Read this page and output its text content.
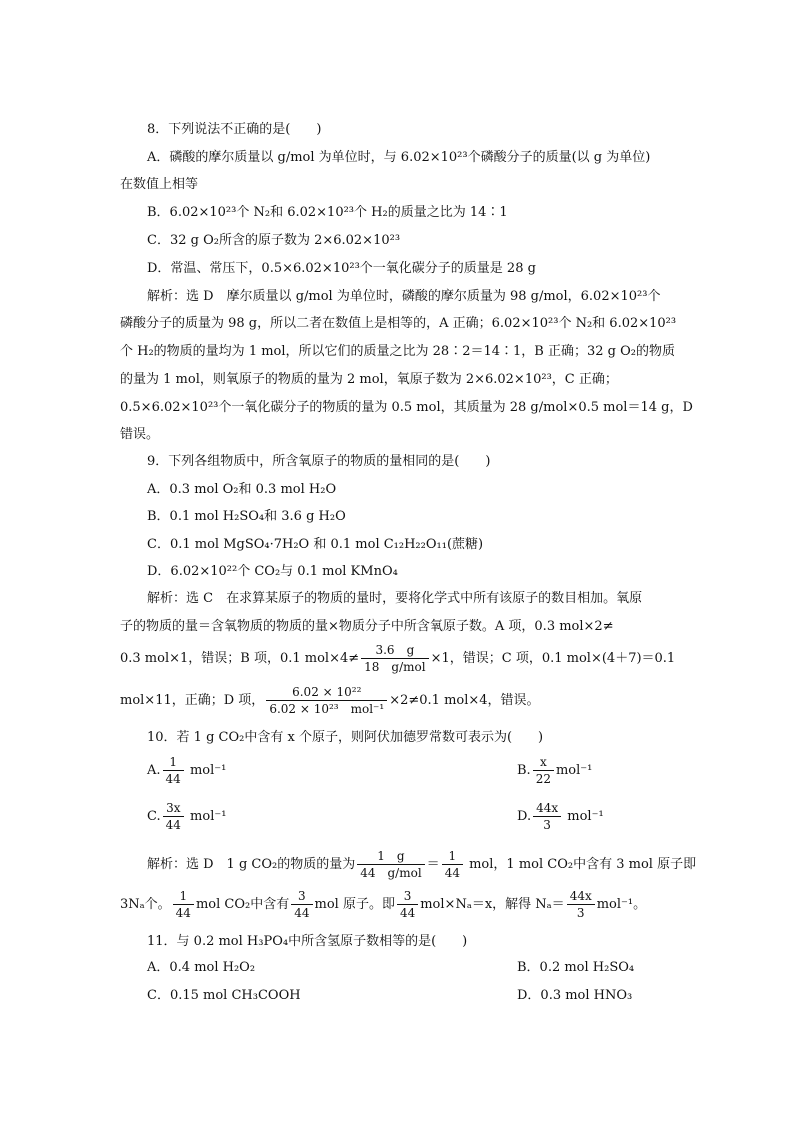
8．下列说法不正确的是(　　)
A．磷酸的摩尔质量以 g/mol 为单位时，与 6.02×10²³个磷酸分子的质量(以 g 为单位)
在数值上相等
B．6.02×10²³个 N₂和 6.02×10²³个 H₂的质量之比为 14∶1
C．32 g O₂所含的原子数为 2×6.02×10²³
D．常温、常压下，0.5×6.02×10²³个一氧化碳分子的质量是 28 g
解析：选 D　摩尔质量以 g/mol 为单位时，磷酸的摩尔质量为 98 g/mol，6.02×10²³个
磷酸分子的质量为 98 g，所以二者在数值上是相等的，A 正确；6.02×10²³个 N₂和 6.02×10²³
个 H₂的物质的量均为 1 mol，所以它们的质量之比为 28∶2＝14∶1，B 正确；32 g O₂的物质
的量为 1 mol，则氧原子的物质的量为 2 mol，氧原子数为 2×6.02×10²³，C 正确；
0.5×6.02×10²³个一氧化碳分子的物质的量为 0.5 mol，其质量为 28 g/mol×0.5 mol＝14 g，D
错误。
9．下列各组物质中，所含氧原子的物质的量相同的是(　　)
A．0.3 mol O₂和 0.3 mol H₂O
B．0.1 mol H₂SO₄和 3.6 g H₂O
C．0.1 mol MgSO₄·7H₂O 和 0.1 mol C₁₂H₂₂O₁₁(蔗糖)
D．6.02×10²²个 CO₂与 0.1 mol KMnO₄
解析：选 C　在求算某原子的物质的量时，要将化学式中所有该原子的数目相加。氧原
子的物质的量＝含氧物质的物质的量×物质分子中所含氧原子数。A 项，0.3 mol×2≠
0.3 mol×1，错误；B 项，0.1 $mol\times 4\ne \frac{3.6 g}{\text{18　g/mol}} \times 1$，错误；C 项，0.1 mol×(4＋7)＝0.1
mol×11，正确；D 项， $\frac{\text{6.02 × 10²²}}{\text{6.02 × 10²³　mol⁻¹}} \times 2\ne 0.1$ mol×4，错误。
10．若 1 g CO₂中含有 x 个原子，则阿伏加德罗常数可表示为(　　)
A. $\frac{1}{44} mol^{-1}$	B. $\frac{x}{22} mol^{-1}$
C. $\frac{3x}{44} mol^{-1}$	D. $\frac{44x}{3} mol^{-1}$
解析：选 D　1 g CO₂的物质的量为 $\frac{1 g}{\text{44　g/mol}} = \frac{1}{44}$ mol，1 mol CO₂中含有 3 mol 原子即
3Nₐ个。 $\frac{1}{44}$ mol CO₂中含有 $\frac{3}{44}$ mol 原子。即 $\frac{3}{44} mol\times N_a=x$，解得 $N_a= \frac{44x}{3} mol^{-1}$。
11．与 0.2 mol H₃PO₄中所含氢原子数相等的是(　　)
A．0.4 mol H₂O₂	B．0.2 mol H₂SO₄
C．0.15 mol CH₃COOH	D．0.3 mol HNO₃
